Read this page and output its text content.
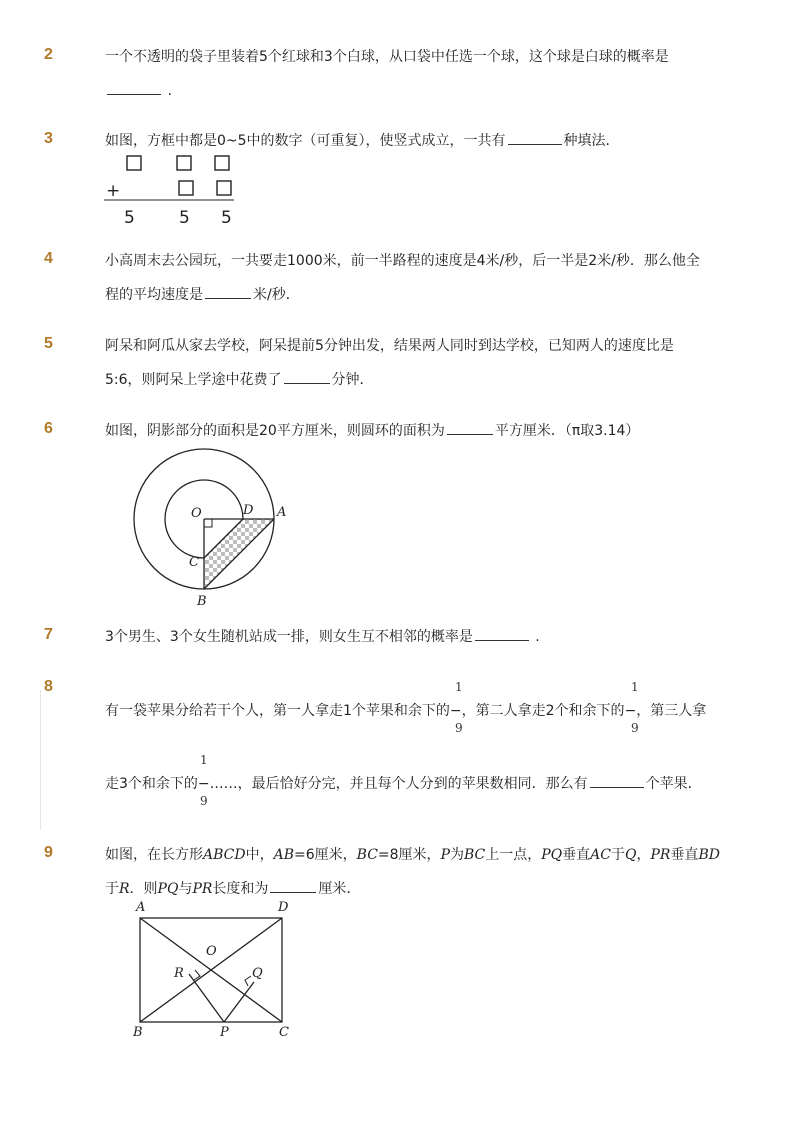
2	一个不透明的袋子里装着5个红球和3个白球，从口袋中任选一个球，这个球是白球的概率是
.
3	如图，方框中都是0~5中的数字（可重复），使竖式成立，一共有	种填法．
+
5	5 5
4	小高周末去公园玩，一共要走1000米，前一半路程的速度是4米/秒，后一半是2米/秒．那么他全
程的平均速度是	米/秒．
5	阿呆和阿瓜从家去学校，阿呆提前5分钟出发，结果两人同时到达学校，已知两人的速度比是
5:6，则阿呆上学途中花费了	分钟．
6	如图，阴影部分的面积是20平方厘米，则圆环的面积为	平方厘米．（π取3.14）
O	D A
C
B
7	3个男生、3个女生随机站成一排，则女生互不相邻的概率是	.
8	1	1
有一袋苹果分给若干个人，第一人拿走1个苹果和余下的−，第二人拿走2个和余下的−，第三人拿
9	9
1
走3个和余下的−……，最后恰好分完，并且每个人分到的苹果数相同．那么有	个苹果．
9
9	如图，在长方形ABCD中，AB=6厘米，BC=8厘米，P为BC上一点，PQ垂直AC于Q，PR垂直BD
于R．则PQ与PR长度和为	厘米．
A	D
O
R	Q
B	P	C
